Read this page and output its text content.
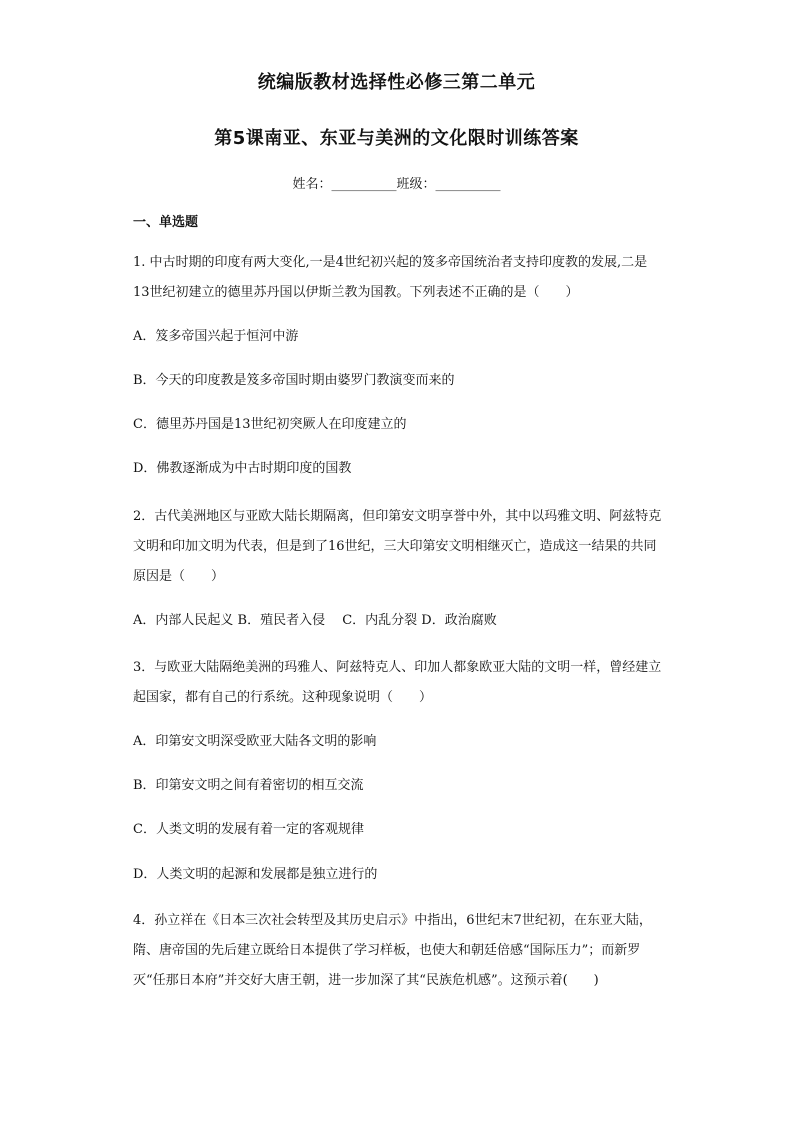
统编版教材选择性必修三第二单元
第5课南亚、东亚与美洲的文化限时训练答案
姓名：__________班级：__________
一、单选题
1. 中古时期的印度有两大变化,一是4世纪初兴起的笈多帝国统治者支持印度教的发展,二是13世纪初建立的德里苏丹国以伊斯兰教为国教。下列表述不正确的是（　　）
A．笈多帝国兴起于恒河中游
B．今天的印度教是笈多帝国时期由婆罗门教演变而来的
C．德里苏丹国是13世纪初突厥人在印度建立的
D．佛教逐渐成为中古时期印度的国教
2．古代美洲地区与亚欧大陆长期隔离，但印第安文明享誉中外，其中以玛雅文明、阿兹特克文明和印加文明为代表，但是到了16世纪，三大印第安文明相继灭亡，造成这一结果的共同原因是（　　）
A．内部人民起义 B．殖民者入侵　 C．内乱分裂 D．政治腐败
3．与欧亚大陆隔绝美洲的玛雅人、阿兹特克人、印加人都象欧亚大陆的文明一样，曾经建立起国家，都有自己的行系统。这种现象说明（　　）
A．印第安文明深受欧亚大陆各文明的影响
B．印第安文明之间有着密切的相互交流
C．人类文明的发展有着一定的客观规律
D．人类文明的起源和发展都是独立进行的
4．孙立祥在《日本三次社会转型及其历史启示》中指出，6世纪末7世纪初，在东亚大陆，隋、唐帝国的先后建立既给日本提供了学习样板，也使大和朝廷倍感“国际压力”；而新罗灭“任那日本府”并交好大唐王朝，进一步加深了其“民族危机感”。这预示着(　　)
